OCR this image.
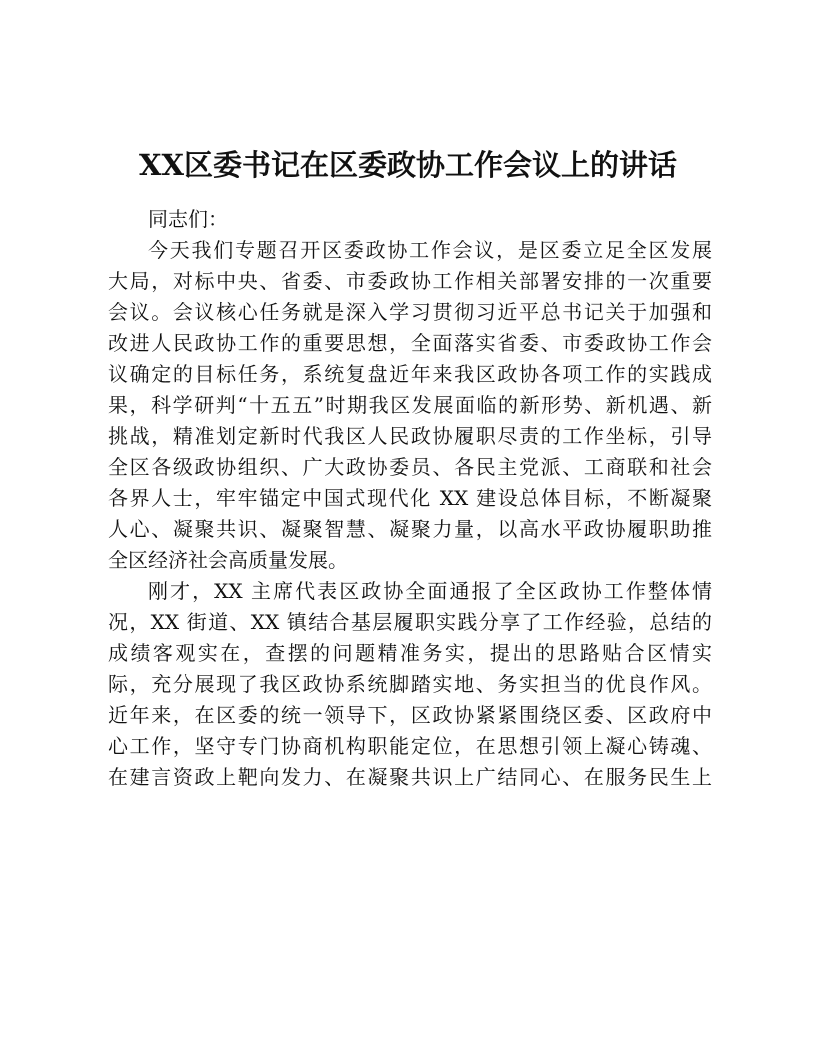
XX区委书记在区委政协工作会议上的讲话
同志们：
今天我们专题召开区委政协工作会议，是区委立足全区发展
大局，对标中央、省委、市委政协工作相关部署安排的一次重要
会议。会议核心任务就是深入学习贯彻习近平总书记关于加强和
改进人民政协工作的重要思想，全面落实省委、市委政协工作会
议确定的目标任务，系统复盘近年来我区政协各项工作的实践成
果，科学研判“十五五”时期我区发展面临的新形势、新机遇、新
挑战，精准划定新时代我区人民政协履职尽责的工作坐标，引导
全区各级政协组织、广大政协委员、各民主党派、工商联和社会
各界人士，牢牢锚定中国式现代化 XX 建设总体目标，不断凝聚
人心、凝聚共识、凝聚智慧、凝聚力量，以高水平政协履职助推
全区经济社会高质量发展。
刚才，XX 主席代表区政协全面通报了全区政协工作整体情
况，XX 街道、XX 镇结合基层履职实践分享了工作经验，总结的
成绩客观实在，查摆的问题精准务实，提出的思路贴合区情实
际，充分展现了我区政协系统脚踏实地、务实担当的优良作风。
近年来，在区委的统一领导下，区政协紧紧围绕区委、区政府中
心工作，坚守专门协商机构职能定位，在思想引领上凝心铸魂、
在建言资政上靶向发力、在凝聚共识上广结同心、在服务民生上
